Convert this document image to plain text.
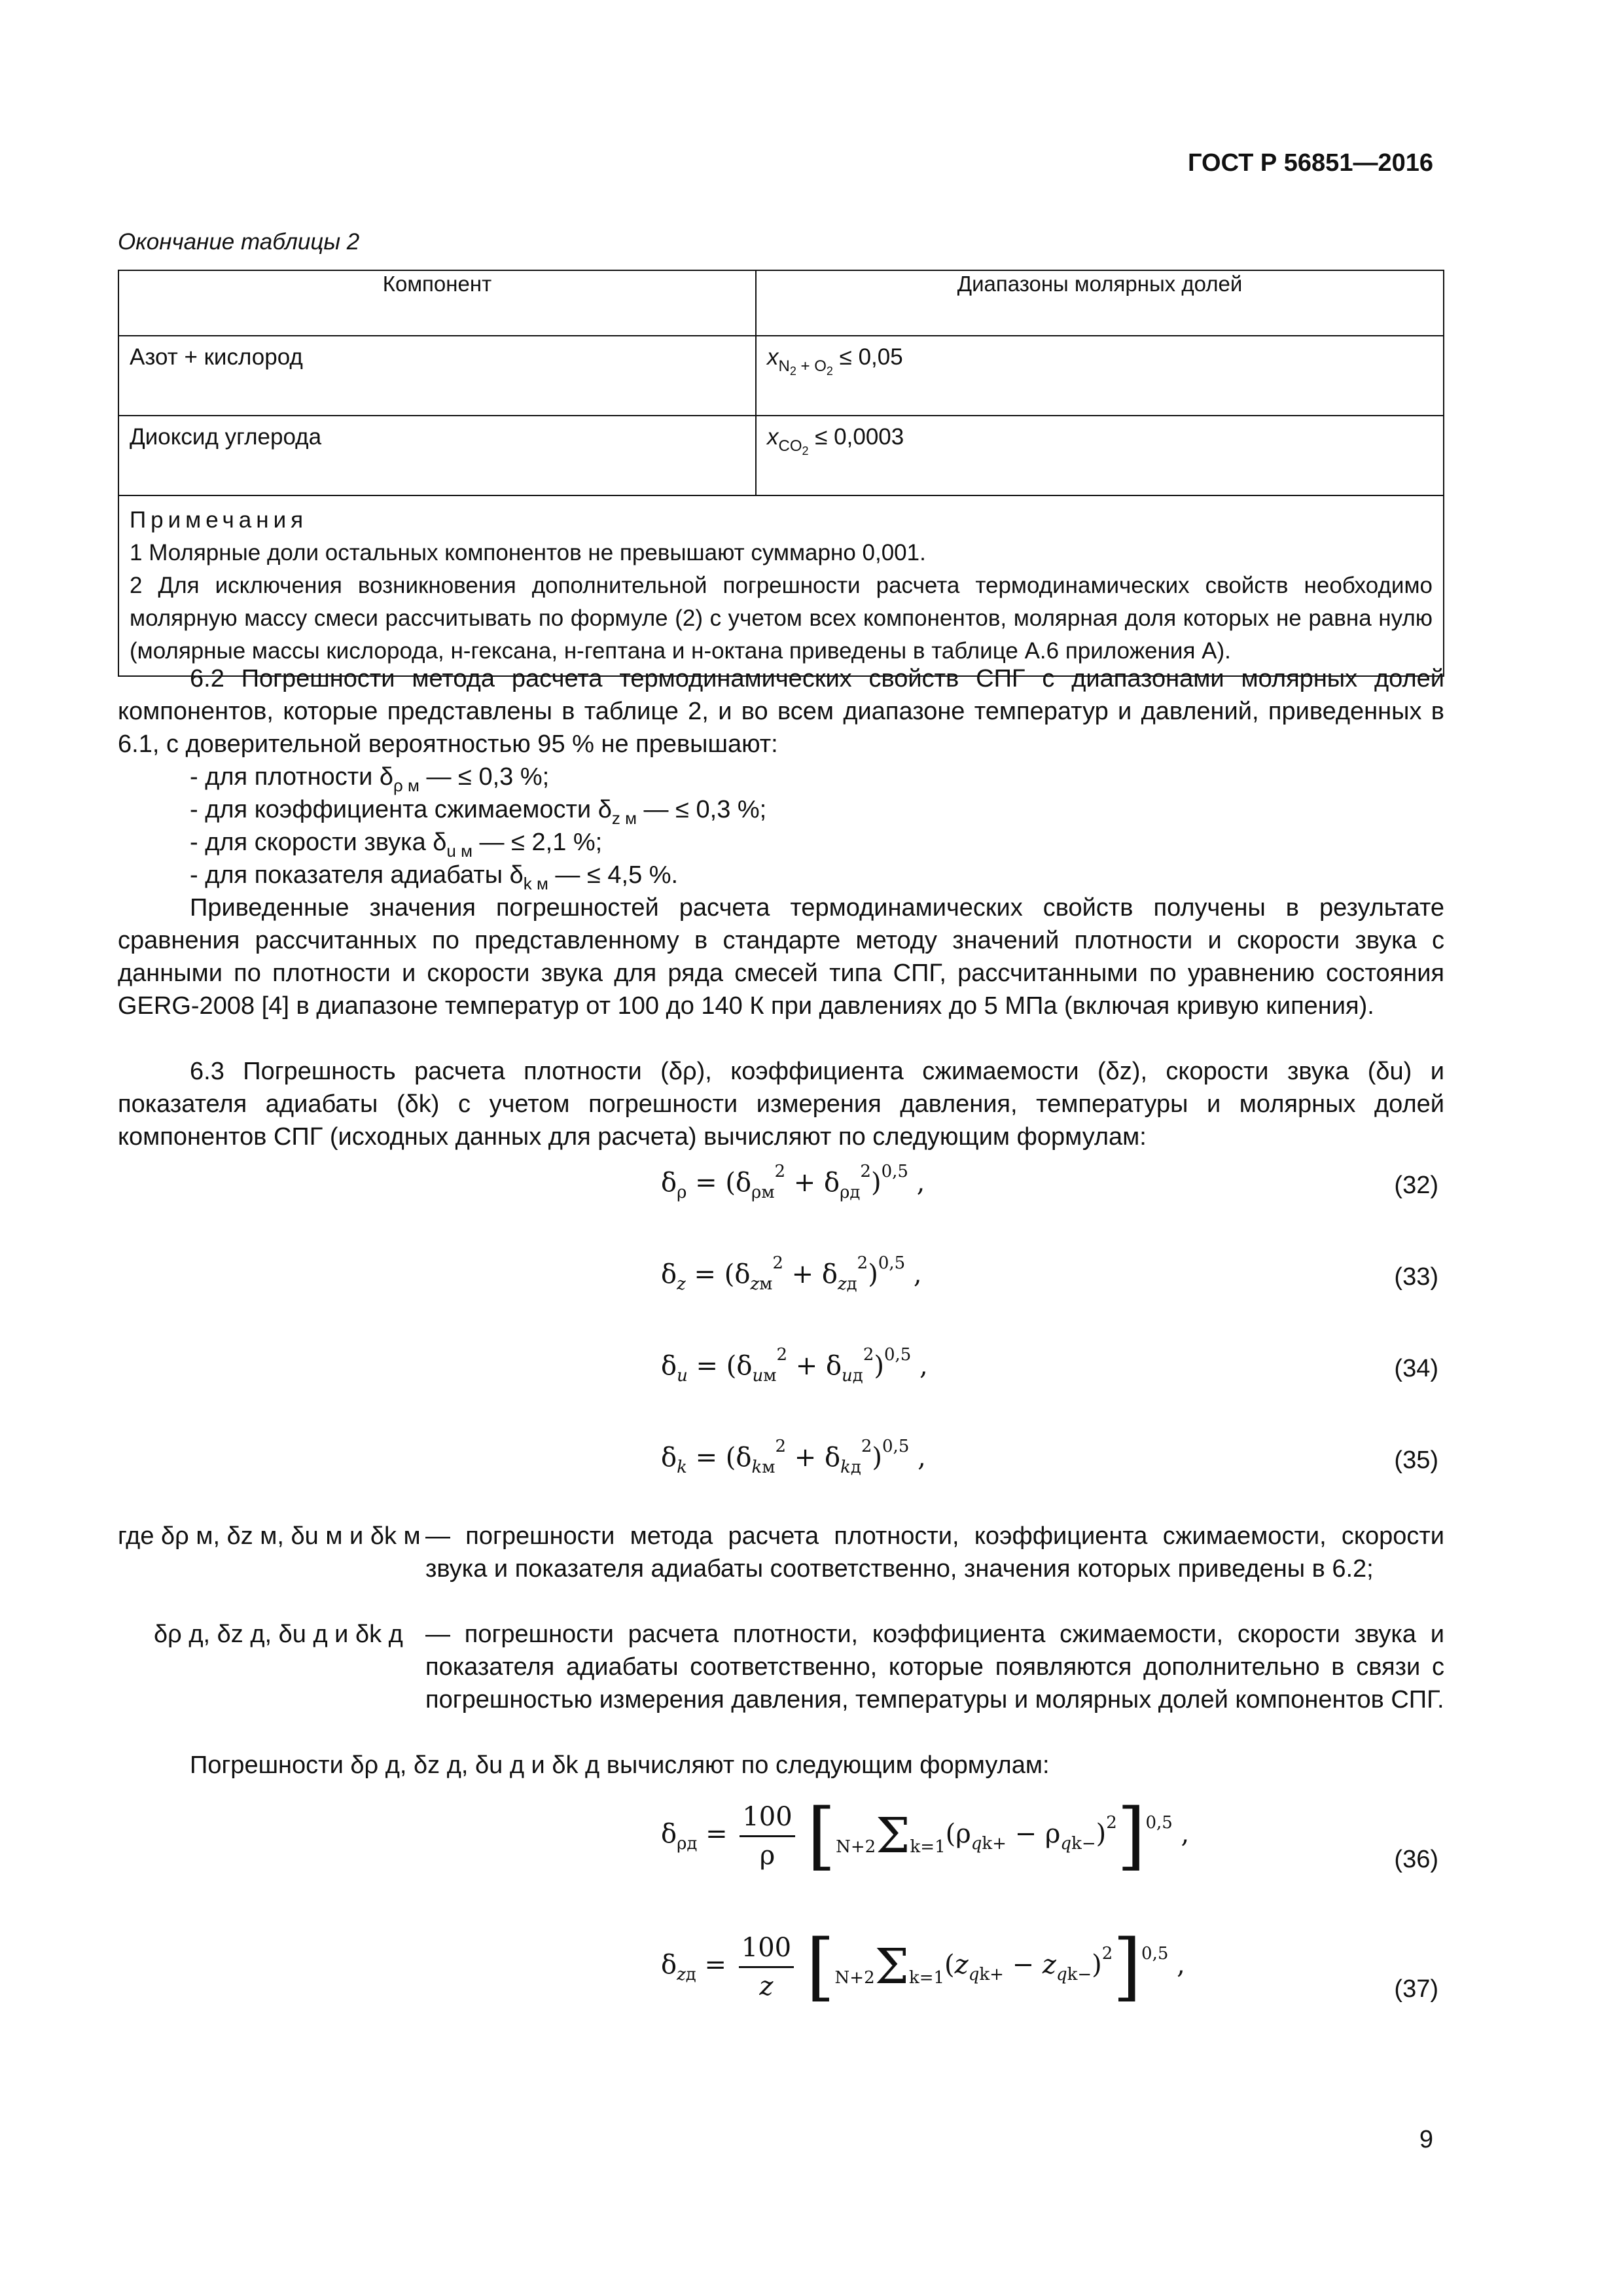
ГОСТ Р 56851—2016
Окончание таблицы 2
Компонент	Диапазоны молярных долей
Азот + кислород	$x_{N_2 + O_2} \le 0,05$
Диоксид углерода	$x_{CO_2} \le 0,0003$

Примечания
1 Молярные доли остальных компонентов не превышают суммарно 0,001.
2 Для исключения возникновения дополнительной погрешности расчета термодинамических свойств необходимо молярную массу смеси рассчитывать по формуле (2) с учетом всех компонентов, молярная доля которых не равна нулю (молярные массы кислорода, н-гексана, н-гептана и н-октана приведены в таблице А.6 приложения А).	
6.2 Погрешности метода расчета термодинамических свойств СПГ с диапазонами молярных долей компонентов, которые представлены в таблице 2, и во всем диапазоне температур и давлений, приведенных в 6.1, с доверительной вероятностью 95 % не превышают:
- для плотности $\delta_{\rho м}$ — ≤ 0,3 %;
- для коэффициента сжимаемости $\delta_{z м}$ — ≤ 0,3 %;
- для скорости звука $\delta_{u м}$ — ≤ 2,1 %;
- для показателя адиабаты $\delta_{k м}$ — ≤ 4,5 %.
Приведенные значения погрешностей расчета термодинамических свойств получены в результате сравнения рассчитанных по представленному в стандарте методу значений плотности и скорости звука с данными по плотности и скорости звука для ряда смесей типа СПГ, рассчитанными по уравнению состояния GERG-2008 [4] в диапазоне температур от 100 до 140 К при давлениях до 5 МПа (включая кривую кипения).
6.3 Погрешность расчета плотности (δρ), коэффициента сжимаемости (δz), скорости звука (δu) и показателя адиабаты (δk) с учетом погрешности измерения давления, температуры и молярных долей компонентов СПГ (исходных данных для расчета) вычисляют по следующим формулам:
$\delta_\rho = (\delta_{\rho м}^2 + \delta_{\rho д}^2)^{0,5}$ ,	(32)
$\delta_z = (\delta_{zм}^2 + \delta_{zд}^2)^{0,5}$ ,	(33)
$\delta_u = (\delta_{uм}^2 + \delta_{uд}^2)^{0,5}$ ,	(34)
$\delta_k = (\delta_{kм}^2 + \delta_{kд}^2)^{0,5}$ ,	(35)
где δρ м, δz м, δu м и δk м — погрешности метода расчета плотности, коэффициента сжимаемости, скорости звука и показателя адиабаты соответственно, значения которых приведены в 6.2;
δρ д, δz д, δu д и δk д — погрешности расчета плотности, коэффициента сжимаемости, скорости звука и показателя адиабаты соответственно, которые появляются дополнительно в связи с погрешностью измерения давления, температуры и молярных долей компонентов СПГ.
Погрешности δρ д, δz д, δu д и δk д вычисляют по следующим формулам:
$\delta_{\rho д} = \frac{100}{\rho} [N+2\Sigma k=1(\rho_{qk+} - \rho_{qk-})^2]^{0,5}$ ,
(36)
$\delta_{zд} = \frac{100}{z} [N+2\Sigma k=1(z_{qk+} - z_{qk-})^2]^{0,5}$ ,
(37)
9
